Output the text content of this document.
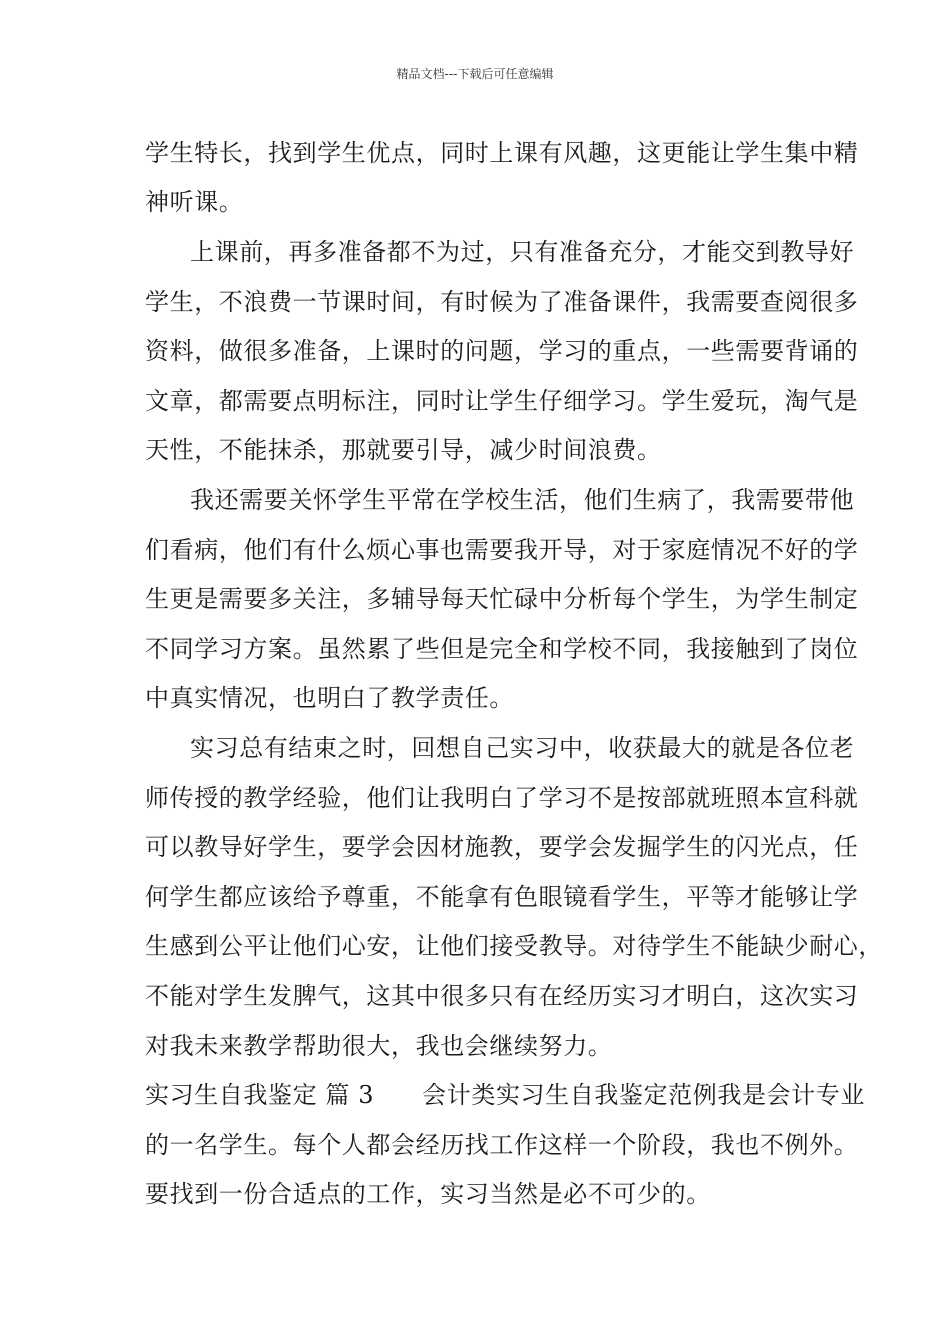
精品文档---下载后可任意编辑
学生特长，找到学生优点，同时上课有风趣，这更能让学生集中精
神听课。
上课前，再多准备都不为过，只有准备充分，才能交到教导好
学生，不浪费一节课时间，有时候为了准备课件，我需要查阅很多
资料，做很多准备，上课时的问题，学习的重点，一些需要背诵的
文章，都需要点明标注，同时让学生仔细学习。学生爱玩，淘气是
天性，不能抹杀，那就要引导，减少时间浪费。
我还需要关怀学生平常在学校生活，他们生病了，我需要带他
们看病，他们有什么烦心事也需要我开导，对于家庭情况不好的学
生更是需要多关注，多辅导每天忙碌中分析每个学生，为学生制定
不同学习方案。虽然累了些但是完全和学校不同，我接触到了岗位
中真实情况，也明白了教学责任。
实习总有结束之时，回想自己实习中，收获最大的就是各位老
师传授的教学经验，他们让我明白了学习不是按部就班照本宣科就
可以教导好学生，要学会因材施教，要学会发掘学生的闪光点，任
何学生都应该给予尊重，不能拿有色眼镜看学生，平等才能够让学
生感到公平让他们心安，让他们接受教导。对待学生不能缺少耐心，
不能对学生发脾气，这其中很多只有在经历实习才明白，这次实习
对我未来教学帮助很大，我也会继续努力。
实习生自我鉴定 篇 3 会计类实习生自我鉴定范例我是会计专业
的一名学生。每个人都会经历找工作这样一个阶段，我也不例外。
要找到一份合适点的工作，实习当然是必不可少的。
